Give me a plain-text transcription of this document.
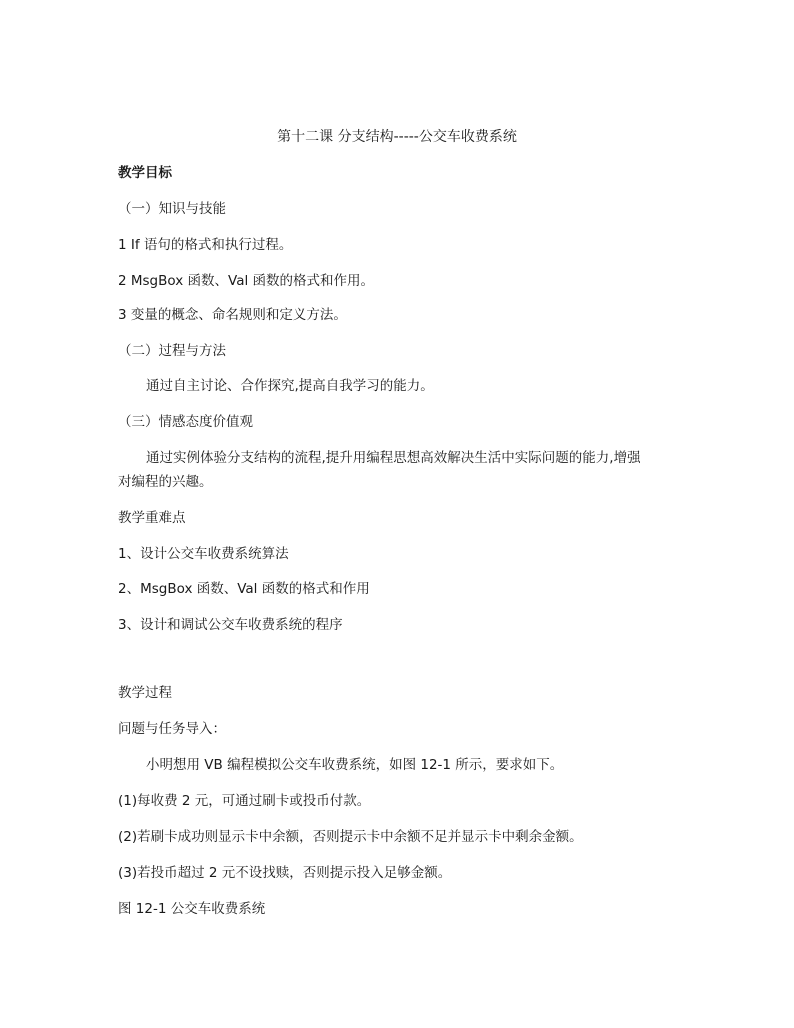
第十二课 分支结构-----公交车收费系统
教学目标
（一）知识与技能
1 If 语句的格式和执行过程。
2 MsgBox 函数、Val 函数的格式和作用。
3 变量的概念、命名规则和定义方法。
（二）过程与方法
通过自主讨论、合作探究,提高自我学习的能力。
（三）情感态度价值观
通过实例体验分支结构的流程,提升用编程思想高效解决生活中实际问题的能力,增强
对编程的兴趣。
教学重难点
1、设计公交车收费系统算法
2、MsgBox 函数、Val 函数的格式和作用
3、设计和调试公交车收费系统的程序
教学过程
问题与任务导入：
小明想用 VB 编程模拟公交车收费系统，如图 12-1 所示，要求如下。
(1)每收费 2 元，可通过刷卡或投币付款。
(2)若刷卡成功则显示卡中余额，否则提示卡中余额不足并显示卡中剩余金额。
(3)若投币超过 2 元不设找赎，否则提示投入足够金额。
图 12-1 公交车收费系统
